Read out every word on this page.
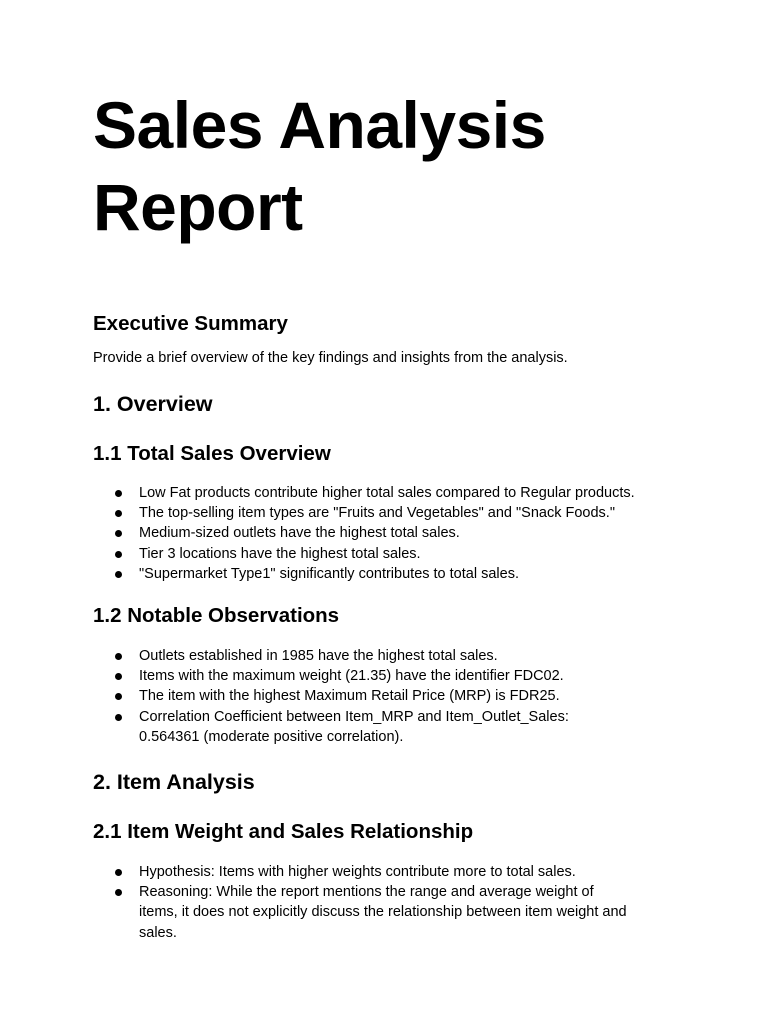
Sales Analysis Report
Executive Summary

Provide a brief overview of the key findings and insights from the analysis.

1. Overview
1.1 Total Sales Overview
Low Fat products contribute higher total sales compared to Regular products.
The top-selling item types are "Fruits and Vegetables" and "Snack Foods."
Medium-sized outlets have the highest total sales.
Tier 3 locations have the highest total sales.
"Supermarket Type1" significantly contributes to total sales.
1.2 Notable Observations
Outlets established in 1985 have the highest total sales.
Items with the maximum weight (21.35) have the identifier FDC02.
The item with the highest Maximum Retail Price (MRP) is FDR25.
Correlation Coefficient between Item_MRP and Item_Outlet_Sales: 0.564361 (moderate positive correlation).
2. Item Analysis
2.1 Item Weight and Sales Relationship
Hypothesis: Items with higher weights contribute more to total sales.
Reasoning: While the report mentions the range and average weight of items, it does not explicitly discuss the relationship between item weight and sales.
